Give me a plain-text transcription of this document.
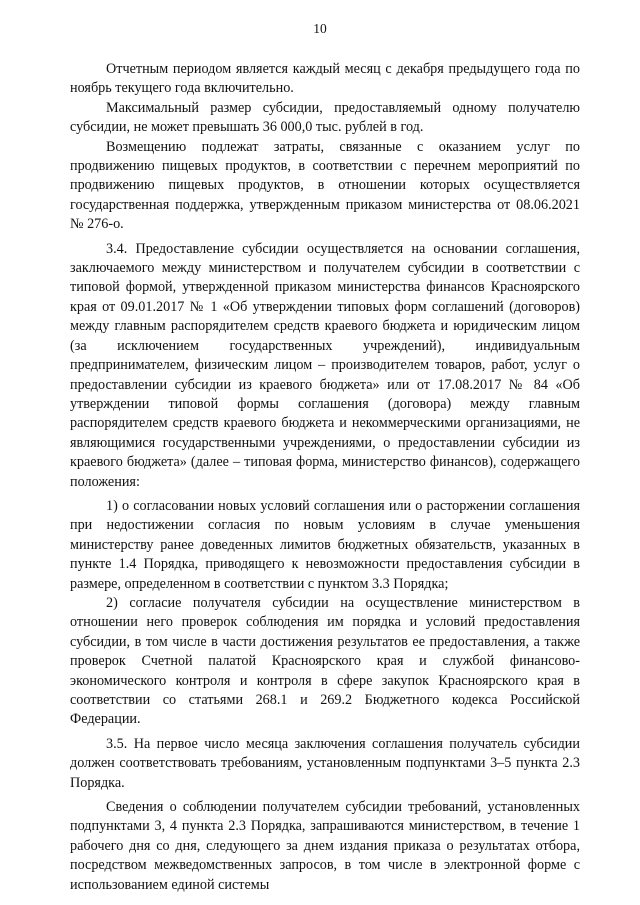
10

Отчетным периодом является каждый месяц с декабря предыдущего года по ноябрь текущего года включительно.

Максимальный размер субсидии, предоставляемый одному получателю субсидии, не может превышать 36 000,0 тыс. рублей в год.

Возмещению подлежат затраты, связанные с оказанием услуг по продвижению пищевых продуктов, в соответствии с перечнем мероприятий по продвижению пищевых продуктов, в отношении которых осуществляется государственная поддержка, утвержденным приказом министерства от 08.06.2021 № 276-о.

3.4. Предоставление субсидии осуществляется на основании соглашения, заключаемого между министерством и получателем субсидии в соответствии с типовой формой, утвержденной приказом министерства финансов Красноярского края от 09.01.2017 № 1 «Об утверждении типовых форм соглашений (договоров) между главным распорядителем средств краевого бюджета и юридическим лицом (за исключением государственных учреждений), индивидуальным предпринимателем, физическим лицом – производителем товаров, работ, услуг о предоставлении субсидии из краевого бюджета» или от 17.08.2017 № 84 «Об утверждении типовой формы соглашения (договора) между главным распорядителем средств краевого бюджета и некоммерческими организациями, не являющимися государственными учреждениями, о предоставлении субсидии из краевого бюджета» (далее – типовая форма, министерство финансов), содержащего положения:

1) о согласовании новых условий соглашения или о расторжении соглашения при недостижении согласия по новым условиям в случае уменьшения министерству ранее доведенных лимитов бюджетных обязательств, указанных в пункте 1.4 Порядка, приводящего к невозможности предоставления субсидии в размере, определенном в соответствии с пунктом 3.3 Порядка;

2) согласие получателя субсидии на осуществление министерством в отношении него проверок соблюдения им порядка и условий предоставления субсидии, в том числе в части достижения результатов ее предоставления, а также проверок Счетной палатой Красноярского края и службой финансово-экономического контроля и контроля в сфере закупок Красноярского края в соответствии со статьями 268.1 и 269.2 Бюджетного кодекса Российской Федерации.

3.5. На первое число месяца заключения соглашения получатель субсидии должен соответствовать требованиям, установленным подпунктами 3–5 пункта 2.3 Порядка.

Сведения о соблюдении получателем субсидии требований, установленных подпунктами 3, 4 пункта 2.3 Порядка, запрашиваются министерством, в течение 1 рабочего дня со дня, следующего за днем издания приказа о результатах отбора, посредством межведомственных запросов, в том числе в электронной форме с использованием единой системы
